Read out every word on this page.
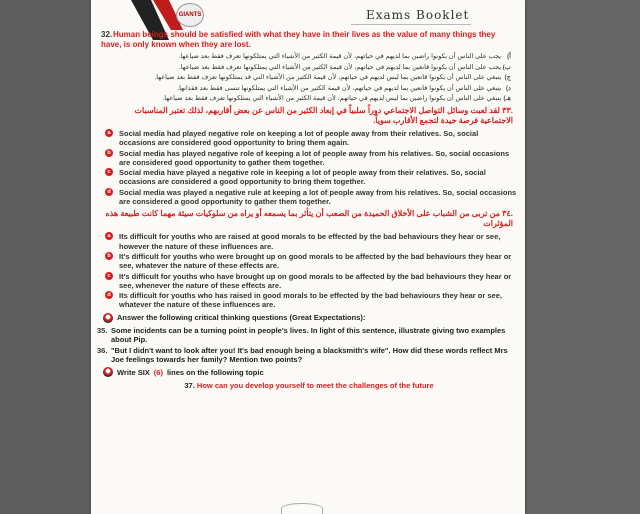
GIANTS	Exams Booklet
32.Human beings should be satisfied with what they have in their lives as the value of many things they have, is only known when they are lost.
أ) يجب على الناس أن يكونوا راضين بما لديهم في حياتهم، لأن قيمة الكثير من الأشياء التي يمتلكونها تعرف فقط بعد ضياعها.
ب) يجب على الناس أن يكونوا قانعين بما لديهم في حياتهم، لأن قيمة الكثير من الأشياء التي يمتلكونها تعرف فقط بعد ضياعها.
ج) ينبغي على الناس أن يكونوا قانعين بما ليس لديهم في حياتهم، لأن قيمة الكثير من الأشياء التي قد يمتلكونها تعرف فقط بعد ضياعها.
د) ينبغي على الناس أن يكونوا قانعين بما لديهم في حياتهم، لأن قيمة الكثير من الأشياء التي يمتلكونها تنسى فقط بعد فقدانها.
هـ) ينبغي على الناس أن يكونوا راضين بما ليس لديهم في حياتهم، لأن قيمة الكثير من الأشياء التي يمتلكونها تعرف فقط بعد ضياعها.
.٣٣ لقد لعبت وسائل التواصل الاجتماعي دوراً سلبياً في إبعاد الكثير من الناس عن بعض أقاربهم، لذلك تعتبر المناسبات الاجتماعية فرصة جيدة لتجمع الأقارب سوياً.
a	Social media had played negative role on keeping a lot of people away from their relatives. So, social occasions are considered good opportunity to bring them again.
b	Social media has played negative role of keeping a lot of people away from his relatives. So, social occasions are considered good opportunity to gather them together.
c	Social media have played a negative role in keeping a lot of people away from their relatives. So, social occasions are considered a good opportunity to bring them together.
d	Social media was played a negative rule at keeping a lot of people away from his relatives. So, social occasions are considered a good opportunity to gather them together.
.٣٤ من تربى من الشباب على الأخلاق الحميدة من الصعب أن يتأثر بما يسمعه أو يراه من سلوكيات سيئة مهما كانت طبيعة هذه المؤثرات
a	Its difficult for youths who are raised at good morals to be effected by the bad behaviours they hear or see, however the nature of these influences are.
b	It's difficult for youths who were brought up on good morals to be affected by the bad behaviours they hear or see, whatever the nature of these effects are.
c	It's difficult for youths who have brought up on good morals to be affected by the bad behaviours they hear or see, whenever the nature of these effects are.
d	Its difficult for youths who has raised in good morals to be effected by the bad behaviours they hear or see, whatever the nature of these influences are.
Answer the following critical thinking questions (Great Expectations):
35. Some incidents can be a turning point in people's lives. In light of this sentence, illustrate giving two examples about Pip.
36. "But I didn't want to look after you! It's bad enough being a blacksmith's wife". How did these words reflect Mrs Joe feelings towards her family? Mention two points?
Write SIX (6) lines on the following topic
37. How can you develop yourself to meet the challenges of the future
